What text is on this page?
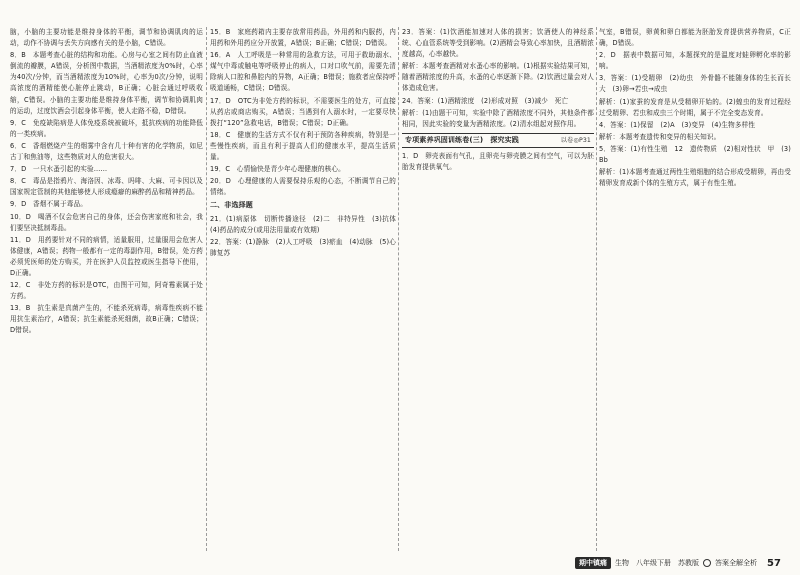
脑，小脑的主要功能是维持身体的平衡，调节和协调肌肉的运动，动作不协调与丢失方向感有关的是小脑，C错误。

8．B　本题考查心脏的结构和功能。心房与心室之间有防止血液倒流的瓣膜，A错误，分析图中数据，当酒精浓度为0%时，心率为40次/分钟，而当酒精浓度为10%时，心率为0次/分钟，说明高浓度的酒精能使心脏停止跳动，B正确；心脏会通过呼吸收缩，C错误。小脑的主要功能是维持身体平衡，调节和协调肌肉的运动，过度饮酒会引起身体平衡，使人走路不稳，D错误。

9．C　免疫缺陷病是人体免疫系统被破坏，抵抗疾病的功能降低的一类疾病。

6．C　香烟燃烧产生的烟雾中含有几十种有害的化学物质，如尼古丁和焦油等，这些物质对人的危害很大。

7．D　一只水蚤引起的实验……

8．C　毒品是指鸦片、海洛因、冰毒、吗啡、大麻、可卡因以及国家规定管制的其他能够使人形成瘾癖的麻醉药品和精神药品。

9．D　香烟不属于毒品。

10．D　喝酒不仅会危害自己的身体，还会伤害家庭和社会，我们要坚决抵制毒品。

11．D　用药要针对不同的病情，适量服用，过量服用会危害人体健康，A错误；药物一般都有一定的毒副作用，B错误，处方药必须凭医师的处方购买，并在医护人员监控或医生指导下使用，D正确。

12．C　非处方药的标识是OTC，由图干可知，阿奇霉素属于处方药。

13．B　抗生素是真菌产生的，不能杀死病毒，病毒性疾病不能用抗生素治疗，A错误；抗生素能杀死细菌，故B正确；C错误；D错误。

15．B　家庭药箱内主要存放常用药品，外用药和内服药，内用药和外用药应分开放置，A错误；B正确；C错误；D错误。

16．A　人工呼吸是一种常用的急救方法，可用于救助溺水、煤气中毒或触电等呼吸停止的病人，口对口吹气前，需要先清除病人口腔和鼻腔内的异物，A正确；B错误；施救者应保持呼吸道通畅，C错误；D错误。

17．D　OTC为非处方药的标识，不需要医生的处方，可直接从药店或商店购买，A错误；当遇到有人溺水时，一定要尽快拨打“120”急救电话，B错误；C错误；D正确。

18．C　健康的生活方式不仅有利于预防各种疾病，特别是一些慢性疾病，而且有利于提高人们的健康水平，提高生活质量。

19．C　心情愉快是青少年心理健康的核心。

20．D　心理健康的人需要保持乐观的心态，不断调节自己的情绪。

二、非选择题

21．(1)病原体　切断传播途径　(2)二　非特异性　(3)抗体　(4)药品的成分(或用法用量或有效期)

22．答案：(1)静脉　(2)人工呼吸　(3)瘀血　(4)动脉　(5)心肺复苏

23．答案：(1)饮酒能加速对人体的损害；饮酒使人的神经系统、心血管系统等受到影响。(2)酒精会导致心率加快，且酒精浓度越高，心率越快。

解析：本题考查酒精对水蚤心率的影响。(1)根据实验结果可知，随着酒精浓度的升高，水蚤的心率逐渐下降。(2)饮酒过量会对人体造成危害。

24．答案：(1)酒精浓度　(2)形成对照　(3)减少　死亡

解析：(1)由题干可知，实验中除了酒精浓度不同外，其他条件都相同，因此实验的变量为酒精浓度。(2)清水组起对照作用。

专项素养巩固训练卷(三)　探究实践	以卷◎P31

1．D　卵壳表面有气孔，且卵壳与卵壳膜之间有空气，可以为胚胎发育提供氧气。

气室，B错误，卵黄和卵白都能为胚胎发育提供营养物质，C正确，D错误。

2．D　据表中数据可知，本题探究的是温度对蛙卵孵化率的影响。

3．答案：(1)受精卵　(2)幼虫　外骨骼不能随身体的生长而长大　(3)卵→若虫→成虫

解析：(1)家蚕的发育是从受精卵开始的。(2)蝗虫的发育过程经过受精卵、若虫和成虫三个时期，属于不完全变态发育。

4．答案：(1)保留　(2)A　(3)变异　(4)生物多样性

解析：本题考查遗传和变异的相关知识。

5．答案：(1)有性生殖　12　遗传物质　(2)相对性状　甲　(3)Bb

解析：(1)本题考查通过两性生殖细胞的结合形成受精卵，再由受精卵发育成新个体的生殖方式，属于有性生殖。

期中镇痛	生物　八年级下册　苏教版 ○ 答案全解全析 57
